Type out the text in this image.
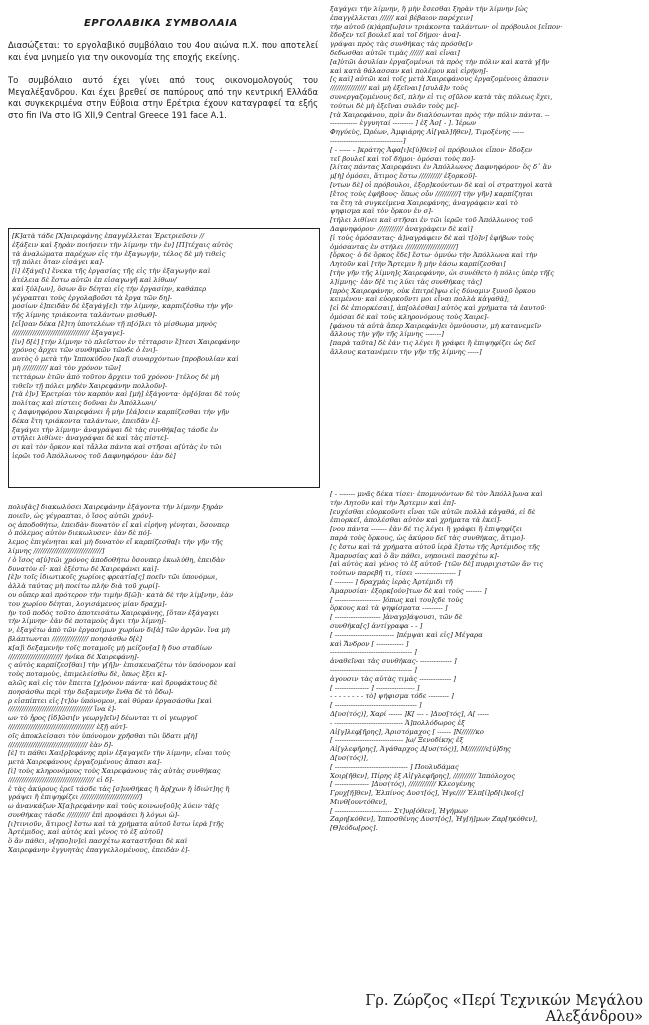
ΕΡΓΟΛΑΒΙΚΑ ΣΥΜΒΟΛΑΙΑ

Διασώζεται: το εργολαβικό συμβόλαιο του 4ου αιώνα π.Χ. που αποτελεί και ένα μνημείο για την οικονομία της εποχής εκείνης.

Το συμβόλαιο αυτό έχει γίνει από τους οικονομολογούς του Μεγαλέξανδρου. Και έχει βρεθεί σε παπύρους από την κεντρική Ελλάδα και συγκεκριμένα στην Εύβοια στην Ερέτρια έχουν καταγραφεί τα εξής στο fin IVa στο IG XII,9 Central Greece 191 face A.1.

[Κ]ατὰ τάδε [Χ]αιρεφάνης ἐπαγγέλλεται Ἐρετριεῦσιν //
ἐξάξειν καὶ ξηρὰν ποιήσειν τὴν λίμνην τὴν ἐν] [Π]τέχαις αὐτὸς
τὰ ἀναλώματα παρέχων εἰς τὴν ἐξαγωγήν, τέλος δὲ μὴ τιθεὶς
τῇ πόλει ὅταν εἰσάγει κα]-
[ὶ] ἐξάγε[ι] ἕνεκα τῆς ἐργασίας τῆς εἰς τὴν ἐξαγωγὴν καὶ
ἀτέλεια δὲ ἔστω αὐτῶι ἐπ εἰσαγωγῆ καὶ λίθων/
καὶ ξύλ[ων], ὅσων ἄν δέηται εἰς τὴν ἐργασίην, καθάπερ
γέγραπται τοὺς ἐργολαβοῦσι τὰ ἔργα τῶν δη]-
μοσίων ἐ]πειδὰν δὲ ἐξαγάγ[ε]ι τὴν λίμνην, καρπιζέσθω τὴν γῆν
τῆς λίμνης τριάκοντα ταλάντων μισθωθ]-
[εἶ]σαν δέκα [ἔ]τη ὑποτελέων τῇ π[ό]λει τὸ μίσθωμα μηνὸς
////////////////////////////////// ἐξαγαγε]-
[ὶν] δ[ὲ] [τὴν λίμνην τὸ πλεῖστον ἐν τέτταρσιν ἔ]τεσι Χαιρεφάνην
χρόνος ἄρχει τῶν συνθηκῶν τῶνδε ὁ ἐνι]-
αυτὸς ὁ μετὰ τὴν Ἱπποκύδου [κα]ὶ συναρχόντων [προβουλίαν καὶ
μὴ /////////// καὶ τὸν χρόνον τῶν]
τεττάρων ἐτῶν ἀπὸ τοῦτου ἄρχειν τοῦ χρόνου· [τέλος δὲ μὴ
τιθεῖν τῇ πόλει μηδὲν Χαιρεφάνην πολλοῦν]-
[τὰ ἐ]ν] Ἐρετρίαι τὸν καρπὸν καὶ [μὴ] ἐξάγοντα· ὀμ[ό]σαι δὲ τοὺς
πολίτας καὶ πίστεις δοῦναι ἐν Ἀπόλλωνι/
ς Δαφνηφόρου Χαιρεφάνει ἦ μὴν [ἐά]σειν καρπίζεσθαι τὴν γῆν
δέκα ἔτη τριάκοντα ταλάντων, ἐπειδὰν ἐ]-
ξαγάγει τὴν λίμνην· ἀναγράψαι δὲ τὰς συνθήκ[ας τάσδε ἐν
στήλει λιθίνει· ἀναγράψαι δὲ καὶ τὰς πίστε]-
σι καὶ τὸν ὅρκον καὶ τἆλλα πάντα καὶ στῆσαι α[ὐτὰς ἐν τῶι
ἱερῶι τοῦ Ἀπόλλωνος τοῦ Δαφνηφόρου· ἐὰν δὲ]
πολυ[ὰς] διακωλύσει Χαιρεφάνην ἐξάγοντα τὴν λίμνην ξηρὰν
ποιεῖν, ὡς γέγραπται, ὁ ἴσος αὐτῶι χρόν]-
ος ἀποδοθήτω, ἐπειδὰν δυνατὸν εἶ καὶ εἰρήνη γένηται, ὅσονπερ
ὁ πόλεμος αὐτὸν διεκωλυσεν· ἐὰν δὲ πό]-
λεμος ἐπιγένηται καὶ μὴ δυνατὸν εἶ καρπίζεσθα[ι τὴν γῆν τῆς
λίμνης //////////////////////////////]
/ ὁ ἴσος α[ὐ]τῶι χρόνος ἀποδοθήτω ὅσονπερ ἐκωλύθη, ἐπειδὰν
δυνατὸν εἶ· καὶ ἐξέστω δὲ Χαιρεφάνει καὶ]-
[ἐ]ν τοῖς ἰδιωτικοῖς χωρίοις φρεατία[ς] ποεῖν τῶι ὑπονόμωι,
ἀλλὰ ταύτας μὴ ποείτω πλὴν διὰ τοῦ χωρί]-
ου οὗπερ καὶ πρότερον τὴν τιμὴν δ[ῶ]ι· κατὰ δὲ τὴν λίμ[νην, ἐὰν
του χωρίου δέηται, λογισάμενος μίαν δραχμ]-
ὴν τοῦ ποδὸς τοῦτο ἀποτεισάτω Χαιρεφάνης, [ὅταν ἐξάγαγει
τὴν λίμνην· ἐὰν δὲ ποταμοὺς ἄγει τὴν λίμνη]-
ν, ἐξαγέτω ἀπὸ τῶν ἐργασίμων χωρίων δι[ὰ] τῶν ἀργῶν. ἵνα μὴ
βλάπτωνται //////////////// ποησάσθω δ[ὲ]
κ[α]ὶ δεξαμενὴν τοῖς ποταμοῖς μὴ μείζον[α] ἢ δυο σταδίων
//////////////////////// ἠνίκα δὲ Χαιρεφάνη]-
ς αὐτὸς καρπίζεσ[θαι] τὴν γ[ῆ]ν· ἐπισκευαζέτω τὸν ὑπόνομον καὶ
τοὺς ποταμοὺς, ἐπιμελείσθω δὲ, ὅπως ἔξει κ]-
αλῶς καὶ εἰς τὸν ἔπειτα [χ]ρόνον πάντα· καὶ δρυφάκτους δὲ
ποησάσθω περὶ τὴν δεξαμενὴν ἔνθα δὲ τὸ ὕδω]-
ρ εἰσπίπτει εἰς [τ]ὸν ὑπόνομον, καὶ θύραν ἐργασάσθω [καὶ
///////////////////////////////////// ἵνα ἐ]-
ων τὸ ἦρος [ἰδ]ῶσι[ν γεωργ]εῖν] δέωνται τι οἱ γεωργοῖ
////////////////////////////////////// ἐξῇ αὐτ]-
οῖς ἀποκλείσασι τὸν ὑπόνομον χρῆσθαι τῶι ὕδατι μ[ὴ]
/////////////////////////////////// ἐὰν δ]-
[ὲ] τι πάθει Χαι[ρ]εφάνης πρὶν ἐξαγαγεῖν τὴν λίμνην, εἶναι τοὺς
μετὰ Χαιρεφάνους ἐργαζομένους ἅπασι κα]-
[ὶ] τοὺς κληρονόμους τοὺς Χαιρεφάνους τὰς αὐτὰς συνθήκας
////////////////////////////////////// εἰ δ]-
ἑ τὰς ἀκύρους ἐρεῖ τάσδε τὰς [σ]υνθήκας ἢ ἄρ[χων ἢ ἰδιώτ]ης ἢ
γράψει ἢ ἐπιψηφίζει //////////////////////////]
ω ἀνανκάζων Χ[α]ιρεφάνην καὶ τοὺς κοινων[οῦ]ς λύειν τὰ[ς
συνθήκας τάσδε ////////// ἐπὶ προφάσει ἢ λόγωι ὡ]-
[ι]τινιοῦν, ἄτιμος] ἔστω καὶ τὰ χρήματα αὐτοῦ ἔστω ἱερὰ [τῆς
Ἀρτέμιδος, καὶ αὐτὸς καὶ γένος τὸ ἐξ αὐτοῦ]
ὃ ἂν πάθει, ν[ηπο]ιν]εὶ πασχέτω καταστῆσαι δὲ καὶ
Χαιρεφάνην ἐγγυητὰς ἐπαγγελλομένους, ἐπειδὰν ἐ]-
ξαγάγει τὴν λίμνην, ἢ μὴν ἔσεσθαι ξηρὰν τὴν λίμνην [ὡς
ἐπαγγέλλεται ////// καὶ βέβαιον παρέχειν]
τὴν αὐτοῦ (κ)άρπ[ω]σιν τριάκοντα ταλάντων· οἱ πρόβουλοι [εἶπον·
ἔδοξεν τεῖ βουλεῖ καὶ τοῖ δήμοι· ἀνα]-
γράψαι πρὸς τὰς συνθήκας τὰς πρόσθε[ν
δεδωσθαι αὐτῶι τιμὰς ////// καὶ εἶναι]
[α]ὐτῶι ἀσυλίαν ἐργαζομένωι τὰ πρὸς τὴν πόλιν καὶ κατὰ γ[ῆν
καὶ κατὰ θάλασσαν καὶ πολέμου καὶ εἰρήνη]-
[ς καὶ] αὐτῶι καὶ τοῖς μετὰ Χαιρεφάνους ἐργαζομένοις ἅπασιν
//////////////// καὶ μὴ ἐξεῖναι] [συλᾶ]ν τοὺς
συνεργαζομένους δεῖ, πλὴν εἰ τις σ[ῦλον κατὰ τὰς πόλεως ἔχει,
τούτωι δὲ μὴ ἐξεῖναι συλᾶν τοὺς με]-
[τὰ Χαιρεφάνου, πρὶν ἂν διαλύσωνται πρὸς τὴν πόλιν πάντα. --
------------ ἐγγυηταί --------- ] ἐξ Ἀσ[ - ]. Ἱέρων
Φηγύεὺς, Ὠρέων, Ἀμφιάρης Αἰ[γαλ]ῆθεν], Τιμοξένης -----
--------------------------------]
[ - ----- - ]κράτης Ἀφα[ι]ε[ὺ]θεν] οἱ πρόβουλοι εἶπον· ἔδοξεν
τεῖ βουλεῖ καὶ τοῖ δήμοι· ὀμόσαι τοὺς πο]-
[λίτας πάντας Χαιρεφάνει ἐν Ἀπόλλωνος Δαφνηφόρου· ὃς δ᾽ ἂν
μ[ὴ] ὀμόσει, ἄτιμος ἔστω ////////// ἐξορκοῦ]-
[ντων δὲ] οἱ πρόβουλοι, ἐξορ]κούντων δὲ καὶ οἱ στρατηγοὶ κατὰ
[ἔτος τοὺς ἐφήβους· ὅπως οὖν //////////] τὴν γῆν] καρπίζηται
τα ἔτη τὰ συγκείμενα Χαιρεφάνης, ἀναγράφειν καὶ τὸ
ψηφισμα καὶ τὸν ὅρκον ἐν σ]-
[τήλει λιθίνει καὶ στῆσαι ἐν τῶι ἱερῶι τοῦ Ἀπόλλωνος τοῦ
Δαφνηφόρου· /////////// ἀναγράφειν δὲ καὶ]
[ἱ τοὺς ὀμόσαντας· ἀ]ναγράφειν δὲ καὶ τ[ὸ]ν] ἐφήβων τοὺς
ὀμόσαντας ἐν στήλει //////////////////////]
[ὅρκος· ὀ δὲ ὅρκος ἔδε] ἔστω· ὀμνύω τὴν Ἀπόλλωνα καὶ τὴν
Λητοῦν καὶ [τὴν Ἄρτεμιν ἢ μὴν ἐάσω καρπίζεσθαι]
[τὴν γῆν τῆς λίμνη]ς Χαιρεφάνην, ὡι συνέθετο ἡ πόλις ὑπὲρ τῆ[ς
λ]ίμνης· ἐὰν δ[ὲ τις λύει τὰς συνθήκας τὰς]
[πρὸς Χαιρεφάνην, οὐκ ἐπιτρέ]ψω εἰς δύναμιν ξυνοῦ ὅρκου
κειμένου· καὶ εὐορκοῦντι μοι εἶναι πολλὰ κἀγαθὰ],
[εἰ δὲ ἐπιορκέσαι], ἀπ[ολέσθαι] αὐτὸς καὶ χρήματα τὰ ἑαυτοῦ·
ὀμόσαι δὲ καὶ τοὺς κληρονόμους τοὺς Χαιρε]-
[φάνου τὰ αὐτὰ ἅπερ Χαιρεφάν]ει ὀμνύουσιν, μὴ κατανεμεῖν
ἄλλους τὴν γῆν τῆς λίμνης -------]
[παρὰ ταῦτα] δὲ ἐάν τις λέγει ἢ γράφει ἢ ἐπιψηφίζει ὡς δεῖ
ἄλλους κατανέμειν τὴν γῆν τῆς λίμνης -----]
[ - ------- μνᾶς δέκα τίσει· ἐπομνυόντων δὲ τὸν Ἀπόλλ]ωνα καὶ
τὴν Λητοῦν καὶ τὴν Ἄρτεμιν καὶ ἐπ]-
[ευχέσθαι εὐορκοῦντι εἶναι τῶι αὐτῶι πολλὰ κἀγαθά, εἰ δὲ
ἐπιορκεῖ, ἀπολέσθαι αὐτὸν καὶ χρήματα τὰ ἐκεί]-
[νου πάντα ------- ἐὰν δέ τις λέγει ἢ γράφει ἢ ἐπιψηφίζει
παρὰ τοὺς ὅρκους, ὡς ἀκύρου δεῖ τὰς συνθήκας, ἄτιμο]-
[ς ἔστω καὶ τὰ χρήματα αὐτοῦ ἱερὰ ἔ]στω τῆς Ἀρτέμιδος τῆς
Ἀμαρυσίας καὶ ὃ ἂν πάθει, νηποινεὶ πασχέτω κ]-
[αὶ αὐτὸς καὶ γένος τὸ ἐξ αὐτοῦ· [τῶν δὲ] πυρριχιστῶν ἄν τις
τούτων παρεβῆ τι, τίσει ------------------ ]
[ -------- ] δραχμὰς ἱερὰς Ἀρτέμιδι τῆ
Ἀμαρυσίαι· ἐξορκ[ούν]των δὲ καὶ τοὺς ------- ]
[ -------------------- ]όπως καὶ του]ςδε τοὺς
ὅρκους καὶ τὰ ψηφίσματα --------- ]
[ -------------------- ]ἀναγρ]άψουσι, τῶν δὲ
συνθήκα[ς] ἀντίγραφα - - ]
[ -------------------------- ]πέμψαι καὶ εἰς] Μέγαρα
καὶ Ἄνδρον [ ------------ ]
------------------------------------ ]
ἀναθεῖναι τὰς συνθήκας- -------------- ]
------------------------------------ ]
ἀγουσιν τὰς αὐτὰς τιμὰς -------------- ]
[ --------------- ] ----------------- ]
- - - - - - - - τὸ] ψήφισμα τόδε --------- ]
[ ------------------------------------ ]
Δ[υσ(τός)], Χαρί ------ ]Κ[ --- - ]Δυσ[τός], Α[ -----
- ------------------------------ Ἀ]πολλόδωρος ἐξ
Αἰ[γ]λεφ[ῆρης], Ἀριστόμαχος [ ------ ]Ν//////κο
[ ------------------------------ ]ω/ Ξενοδίκης ἐξ
Αἰ[γλεφῆρης], Ἀγάθαρχος Δ[υσ(τός)], Μ////////ε[ύ]δης
Δ[υσ(τός)],
[ -------------------------------- ] Πουλυδάμας
Χοιρ[ῆθεν], Πίρης ἐξ Αἰ[γλεφῆρης], ////////// Ἱππόλοχος
[ --------------- ]Δυσ(τός), //////////// Κλεογένης
Γρυχ[ῆ]θεν], Ἐλπίνος Δυστ[ός], Ἡγε//// Ἐλπ[ί]ρδ[ι]κο[ς]
Μινθ[ουντόθεν],
[ ------------------------- Στ]υρ[όθεν], Ἡγήμων
Ζαρη[κόθεν], Ἱπποσθένης Δυστ[ός], Ἡγ[ή]μων Ζαρ[ηκόθεν],
[Θ]εόδω[ρος].
Γρ. Ζώρζος «Περί Τεχνικών Μεγάλου Αλεξάνδρου»
